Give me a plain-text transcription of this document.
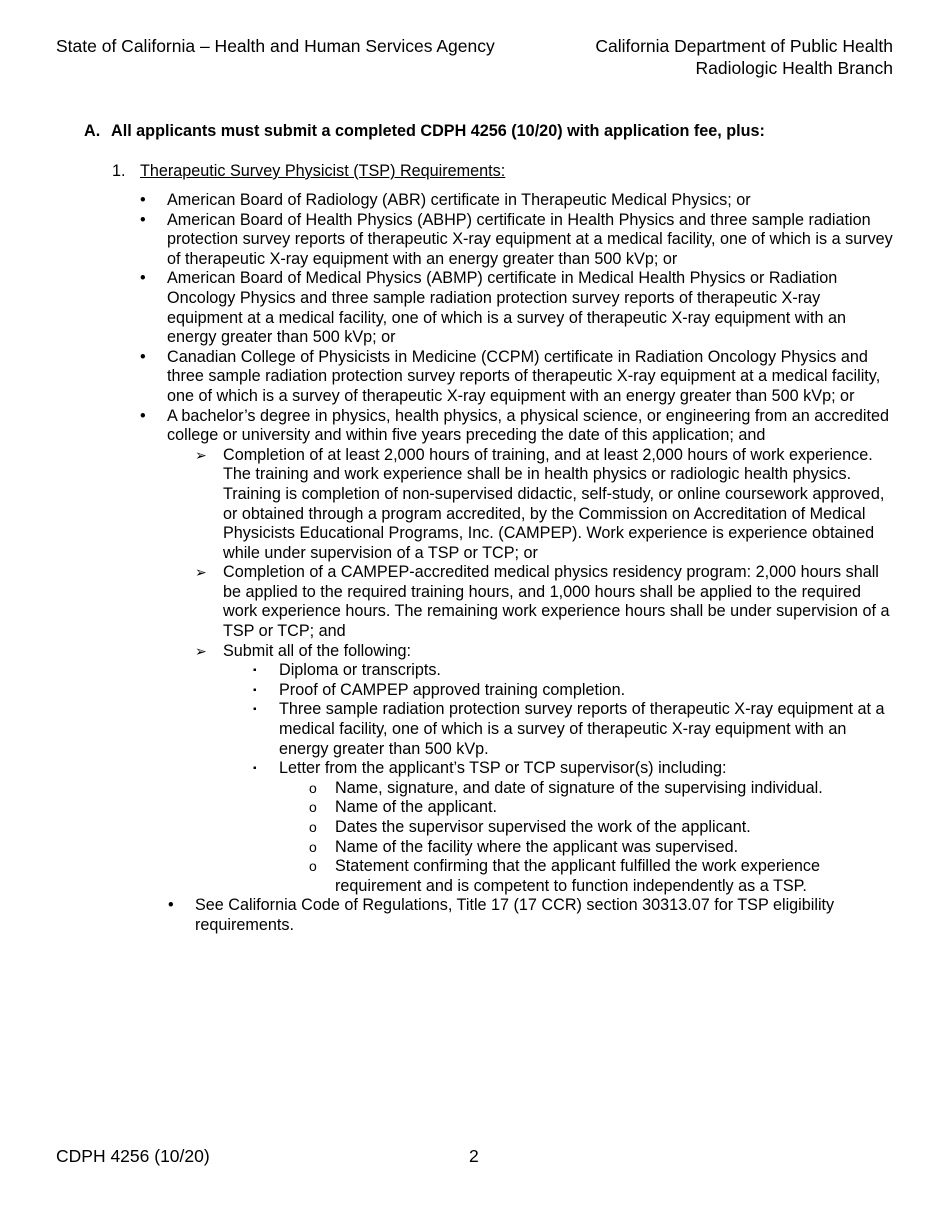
State of California – Health and Human Services Agency	California Department of Public Health
Radiologic Health Branch
A. All applicants must submit a completed CDPH 4256 (10/20) with application fee, plus:
1. Therapeutic Survey Physicist (TSP) Requirements:
• American Board of Radiology (ABR) certificate in Therapeutic Medical Physics; or
• American Board of Health Physics (ABHP) certificate in Health Physics and three sample radiation protection survey reports of therapeutic X-ray equipment at a medical facility, one of which is a survey of therapeutic X-ray equipment with an energy greater than 500 kVp; or
• American Board of Medical Physics (ABMP) certificate in Medical Health Physics or Radiation Oncology Physics and three sample radiation protection survey reports of therapeutic X-ray equipment at a medical facility, one of which is a survey of therapeutic X-ray equipment with an energy greater than 500 kVp; or
• Canadian College of Physicists in Medicine (CCPM) certificate in Radiation Oncology Physics and three sample radiation protection survey reports of therapeutic X-ray equipment at a medical facility, one of which is a survey of therapeutic X-ray equipment with an energy greater than 500 kVp; or
• A bachelor’s degree in physics, health physics, a physical science, or engineering from an accredited college or university and within five years preceding the date of this application; and
➢ Completion of at least 2,000 hours of training, and at least 2,000 hours of work experience. The training and work experience shall be in health physics or radiologic health physics. Training is completion of non-supervised didactic, self-study, or online coursework approved, or obtained through a program accredited, by the Commission on Accreditation of Medical Physicists Educational Programs, Inc. (CAMPEP). Work experience is experience obtained while under supervision of a TSP or TCP; or
➢ Completion of a CAMPEP-accredited medical physics residency program: 2,000 hours shall be applied to the required training hours, and 1,000 hours shall be applied to the required work experience hours. The remaining work experience hours shall be under supervision of a TSP or TCP; and
➢ Submit all of the following:
▪ Diploma or transcripts.
▪ Proof of CAMPEP approved training completion.
▪ Three sample radiation protection survey reports of therapeutic X-ray equipment at a medical facility, one of which is a survey of therapeutic X-ray equipment with an energy greater than 500 kVp.
▪ Letter from the applicant’s TSP or TCP supervisor(s) including:
o Name, signature, and date of signature of the supervising individual.
o Name of the applicant.
o Dates the supervisor supervised the work of the applicant.
o Name of the facility where the applicant was supervised.
o Statement confirming that the applicant fulfilled the work experience requirement and is competent to function independently as a TSP.
• See California Code of Regulations, Title 17 (17 CCR) section 30313.07 for TSP eligibility requirements.
CDPH 4256 (10/20)	2
